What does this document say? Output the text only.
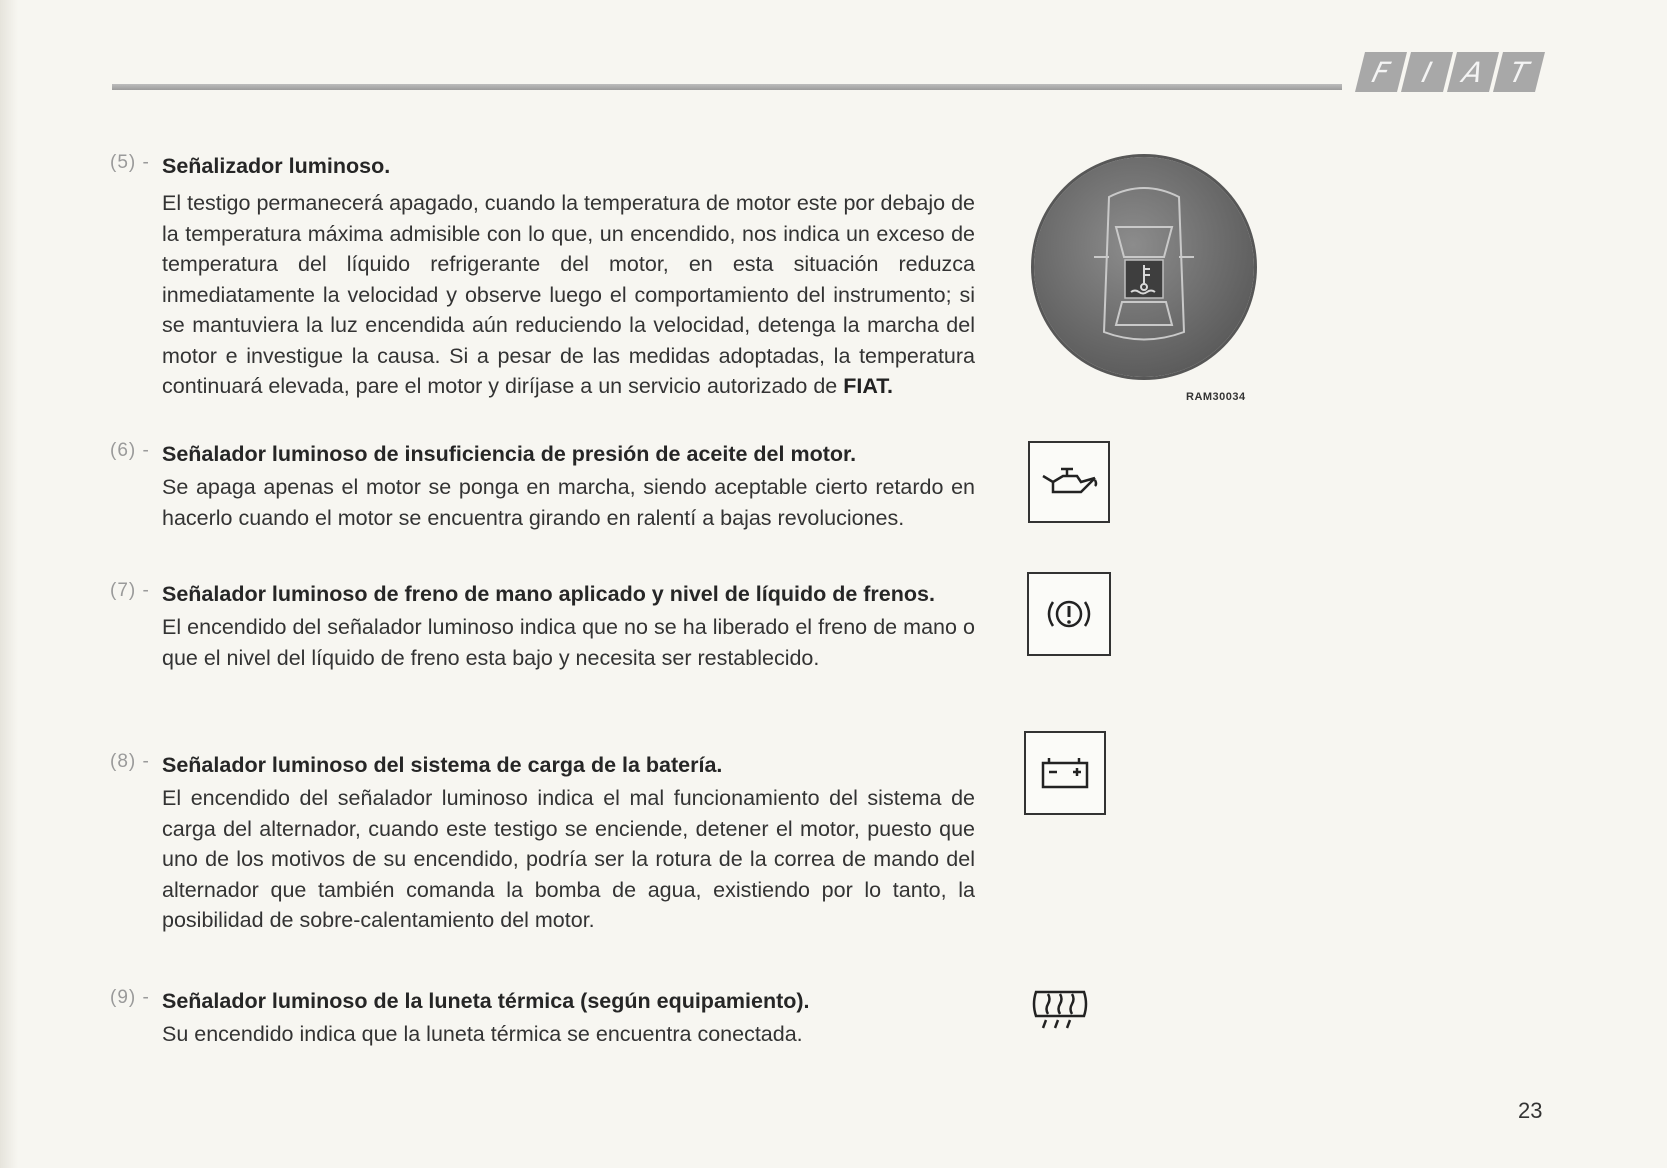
F I A T
(5) - Señalizador luminoso.
El testigo permanecerá apagado, cuando la temperatura de motor este por debajo de la temperatura máxima admisible con lo que, un encendido, nos indica un exceso de temperatura del líquido refrigerante del motor, en esta situación reduzca inmediatamente la velocidad y observe luego el comportamiento del instrumento; si se mantuviera la luz encendida aún reduciendo la velocidad, detenga la marcha del motor e investigue la causa. Si a pesar de las medidas adoptadas, la temperatura continuará elevada, pare el motor y diríjase a un servicio autorizado de FIAT.
(6) - Señalador luminoso de insuficiencia de presión de aceite del motor.
Se apaga apenas el motor se ponga en marcha, siendo aceptable cierto retardo en hacerlo cuando el motor se encuentra girando en ralentí a bajas revoluciones.
(7) - Señalador luminoso de freno de mano aplicado y nivel de líquido de frenos.
El encendido del señalador luminoso indica que no se ha liberado el freno de mano o que el nivel del líquido de freno esta bajo y necesita ser restablecido.
(8) - Señalador luminoso del sistema de carga de la batería.
El encendido del señalador luminoso indica el mal funcionamiento del sistema de carga del alternador, cuando este testigo se enciende, detener el motor, puesto que uno de los motivos de su encendido, podría ser la rotura de la correa de mando del alternador que también comanda la bomba de agua, existiendo por lo tanto, la posibilidad de sobre-calentamiento del motor.
(9) - Señalador luminoso de la luneta térmica (según equipamiento).
Su encendido indica que la luneta térmica se encuentra conectada.
RAM30034
23
